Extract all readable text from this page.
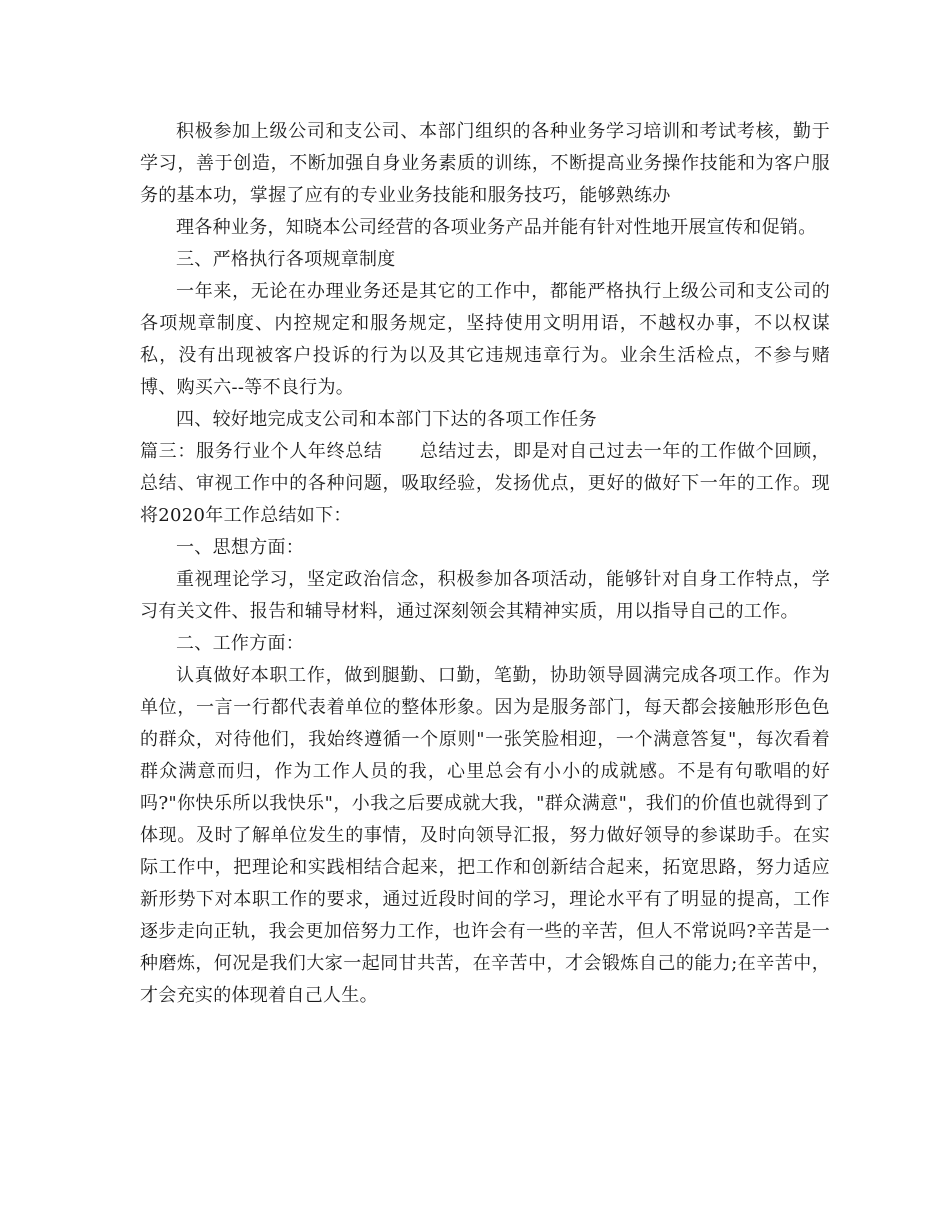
积极参加上级公司和支公司、本部门组织的各种业务学习培训和考试考核，勤于学习，善于创造，不断加强自身业务素质的训练，不断提高业务操作技能和为客户服务的基本功，掌握了应有的专业业务技能和服务技巧，能够熟练办

理各种业务，知晓本公司经营的各项业务产品并能有针对性地开展宣传和促销。

三、严格执行各项规章制度

一年来，无论在办理业务还是其它的工作中，都能严格执行上级公司和支公司的各项规章制度、内控规定和服务规定，坚持使用文明用语，不越权办事，不以权谋私，没有出现被客户投诉的行为以及其它违规违章行为。业余生活检点，不参与赌博、购买六--等不良行为。

四、较好地完成支公司和本部门下达的各项工作任务

篇三：服务行业个人年终总结　　总结过去，即是对自己过去一年的工作做个回顾，总结、审视工作中的各种问题，吸取经验，发扬优点，更好的做好下一年的工作。现将2020年工作总结如下：

一、思想方面：

重视理论学习，坚定政治信念，积极参加各项活动，能够针对自身工作特点，学习有关文件、报告和辅导材料，通过深刻领会其精神实质，用以指导自己的工作。

二、工作方面：

认真做好本职工作，做到腿勤、口勤，笔勤，协助领导圆满完成各项工作。作为单位，一言一行都代表着单位的整体形象。因为是服务部门，每天都会接触形形色色的群众，对待他们，我始终遵循一个原则"一张笑脸相迎，一个满意答复"，每次看着群众满意而归，作为工作人员的我，心里总会有小小的成就感。不是有句歌唱的好吗?"你快乐所以我快乐"，小我之后要成就大我，"群众满意"，我们的价值也就得到了体现。及时了解单位发生的事情，及时向领导汇报，努力做好领导的参谋助手。在实际工作中，把理论和实践相结合起来，把工作和创新结合起来，拓宽思路，努力适应新形势下对本职工作的要求，通过近段时间的学习，理论水平有了明显的提高，工作逐步走向正轨，我会更加倍努力工作，也许会有一些的辛苦，但人不常说吗?辛苦是一种磨炼，何况是我们大家一起同甘共苦，在辛苦中，才会锻炼自己的能力;在辛苦中，才会充实的体现着自己人生。
